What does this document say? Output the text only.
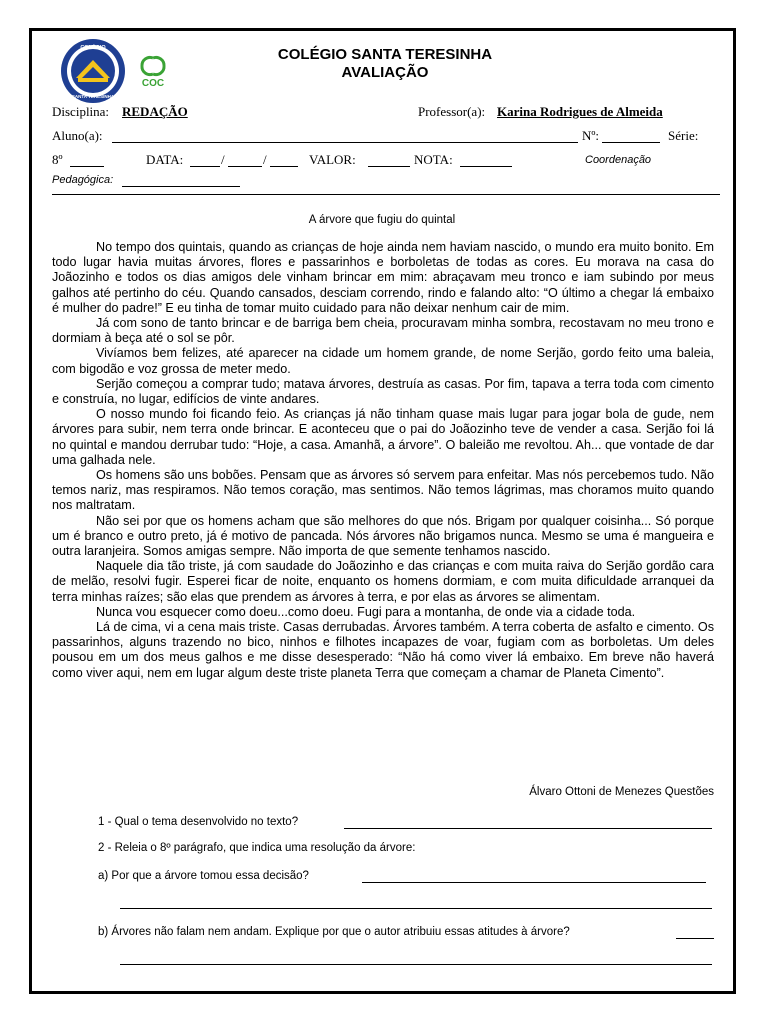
COLÉGIO
SANTA TERESINHA
COC
COLÉGIO SANTA TERESINHA
AVALIAÇÃO
Disciplina: REDAÇÃO	Professor(a): Karina Rodrigues de Almeida
Aluno(a):	Nº:	Série:
8º	DATA:	/	/	VALOR:	NOTA:	Coordenação
Pedagógica:
A árvore que fugiu do quintal

No tempo dos quintais, quando as crianças de hoje ainda nem haviam nascido, o mundo era muito bonito. Em todo lugar havia muitas árvores, flores e passarinhos e borboletas de todas as cores. Eu morava na casa do Joãozinho e todos os dias amigos dele vinham brincar em mim: abraçavam meu tronco e iam subindo por meus galhos até pertinho do céu. Quando cansados, desciam correndo, rindo e falando alto: “O último a chegar lá embaixo é mulher do padre!” E eu tinha de tomar muito cuidado para não deixar nenhum cair de mim.

Já com sono de tanto brincar e de barriga bem cheia, procuravam minha sombra, recostavam no meu trono e dormiam à beça até o sol se pôr.

Vivíamos bem felizes, até aparecer na cidade um homem grande, de nome Serjão, gordo feito uma baleia, com bigodão e voz grossa de meter medo.

Serjão começou a comprar tudo; matava árvores, destruía as casas. Por fim, tapava a terra toda com cimento e construía, no lugar, edifícios de vinte andares.

O nosso mundo foi ficando feio. As crianças já não tinham quase mais lugar para jogar bola de gude, nem árvores para subir, nem terra onde brincar. E aconteceu que o pai do Joãozinho teve de vender a casa. Serjão foi lá no quintal e mandou derrubar tudo: “Hoje, a casa. Amanhã, a árvore”. O baleião me revoltou. Ah... que vontade de dar uma galhada nele.

Os homens são uns bobões. Pensam que as árvores só servem para enfeitar. Mas nós percebemos tudo. Não temos nariz, mas respiramos. Não temos coração, mas sentimos. Não temos lágrimas, mas choramos muito quando nos maltratam.

Não sei por que os homens acham que são melhores do que nós. Brigam por qualquer coisinha... Só porque um é branco e outro preto, já é motivo de pancada. Nós árvores não brigamos nunca. Mesmo se uma é mangueira e outra laranjeira. Somos amigas sempre. Não importa de que semente tenhamos nascido.

Naquele dia tão triste, já com saudade do Joãozinho e das crianças e com muita raiva do Serjão gordão cara de melão, resolvi fugir. Esperei ficar de noite, enquanto os homens dormiam, e com muita dificuldade arranquei da terra minhas raízes; são elas que prendem as árvores à terra, e por elas as árvores se alimentam.

Nunca vou esquecer como doeu...como doeu. Fugi para a montanha, de onde via a cidade toda.

Lá de cima, vi a cena mais triste. Casas derrubadas. Árvores também. A terra coberta de asfalto e cimento. Os passarinhos, alguns trazendo no bico, ninhos e filhotes incapazes de voar, fugiam com as borboletas. Um deles pousou em um dos meus galhos e me disse desesperado: “Não há como viver lá embaixo. Em breve não haverá como viver aqui, nem em lugar algum deste triste planeta Terra que começam a chamar de Planeta Cimento”.

Álvaro Ottoni de Menezes Questões
1 - Qual o tema desenvolvido no texto?
2 - Releia o 8º parágrafo, que indica uma resolução da árvore:
a) Por que a árvore tomou essa decisão?
b) Árvores não falam nem andam. Explique por que o autor atribuiu essas atitudes à árvore?
